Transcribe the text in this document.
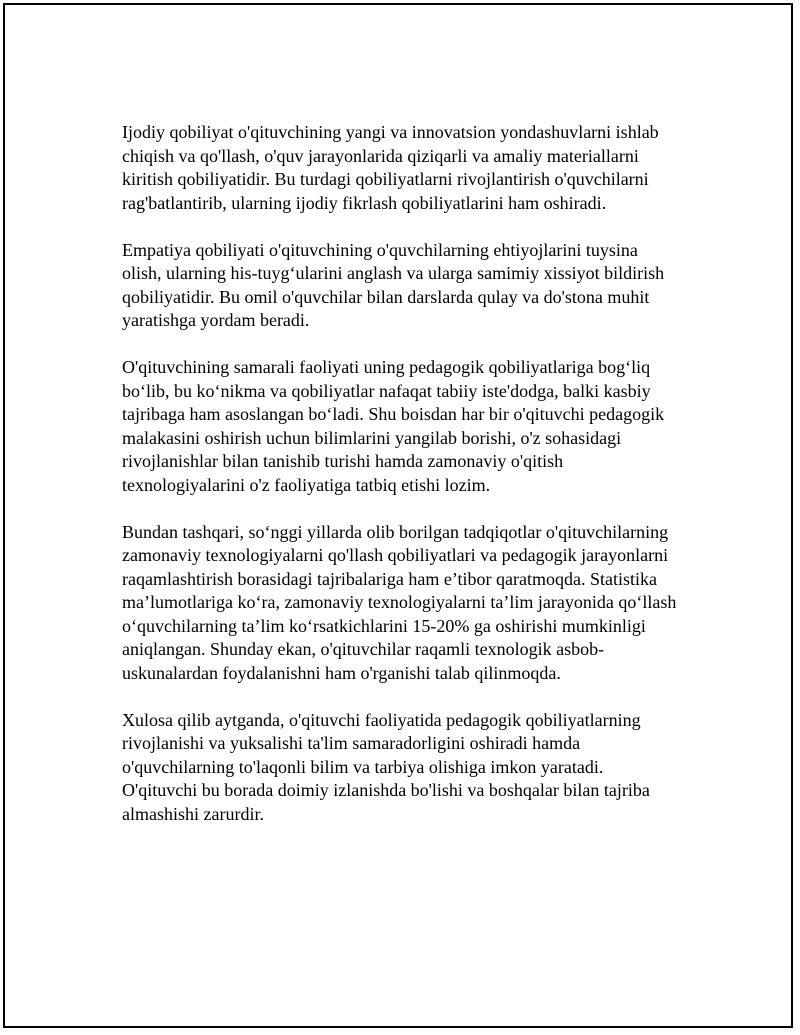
Ijodiy qobiliyat o'qituvchining yangi va innovatsion yondashuvlarni ishlab
chiqish va qo'llash, o'quv jarayonlarida qiziqarli va amaliy materiallarni
kiritish qobiliyatidir. Bu turdagi qobiliyatlarni rivojlantirish o'quvchilarni
rag'batlantirib, ularning ijodiy fikrlash qobiliyatlarini ham oshiradi.

Empatiya qobiliyati o'qituvchining o'quvchilarning ehtiyojlarini tuysina
olish, ularning his-tuyg‘ularini anglash va ularga samimiy xissiyot bildirish
qobiliyatidir. Bu omil o'quvchilar bilan darslarda qulay va do'stona muhit
yaratishga yordam beradi.

O'qituvchining samarali faoliyati uning pedagogik qobiliyatlariga bog‘liq
bo‘lib, bu ko‘nikma va qobiliyatlar nafaqat tabiiy iste'dodga, balki kasbiy
tajribaga ham asoslangan bo‘ladi. Shu boisdan har bir o'qituvchi pedagogik
malakasini oshirish uchun bilimlarini yangilab borishi, o'z sohasidagi
rivojlanishlar bilan tanishib turishi hamda zamonaviy o'qitish
texnologiyalarini o'z faoliyatiga tatbiq etishi lozim.

Bundan tashqari, so‘nggi yillarda olib borilgan tadqiqotlar o'qituvchilarning
zamonaviy texnologiyalarni qo'llash qobiliyatlari va pedagogik jarayonlarni
raqamlashtirish borasidagi tajribalariga ham e’tibor qaratmoqda. Statistika
ma’lumotlariga ko‘ra, zamonaviy texnologiyalarni ta’lim jarayonida qo‘llash
o‘quvchilarning ta’lim ko‘rsatkichlarini 15-20% ga oshirishi mumkinligi
aniqlangan. Shunday ekan, o'qituvchilar raqamli texnologik asbob-
uskunalardan foydalanishni ham o'rganishi talab qilinmoqda.

Xulosa qilib aytganda, o'qituvchi faoliyatida pedagogik qobiliyatlarning
rivojlanishi va yuksalishi ta'lim samaradorligini oshiradi hamda
o'quvchilarning to'laqonli bilim va tarbiya olishiga imkon yaratadi.
O'qituvchi bu borada doimiy izlanishda bo'lishi va boshqalar bilan tajriba
almashishi zarurdir.
